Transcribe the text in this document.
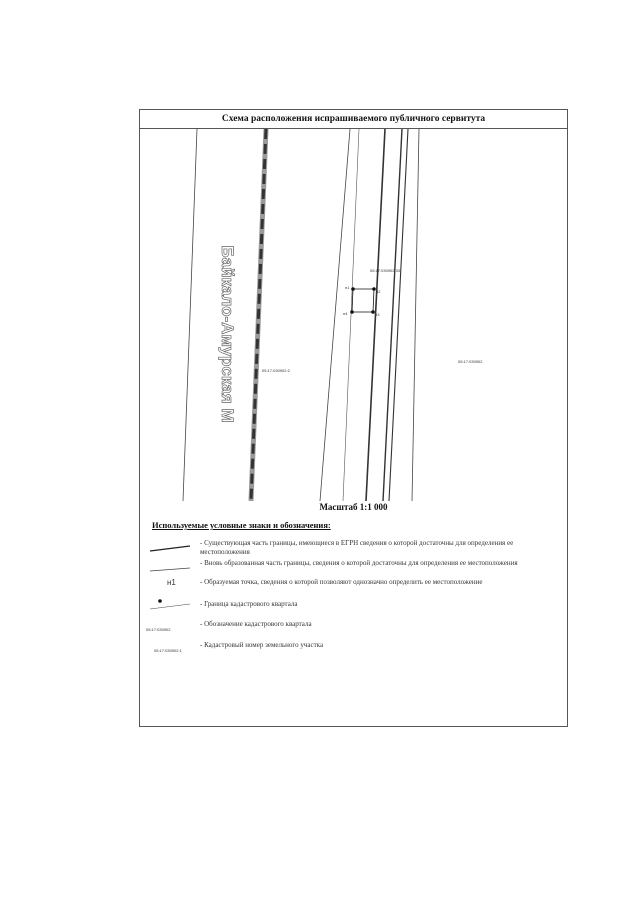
Схема расположения испрашиваемого публичного сервитута
Байкало-Амурская М	05:17:030902:2
05:17:030902:33
н1
н2
н3
н4
05:17:030902
Масштаб 1:1 000
Используемые условные знаки и обозначения:
- Существующая часть границы, имеющиеся в ЕГРН сведения о которой достаточны для определения ее местоположения
- Вновь образованная часть границы, сведения о которой достаточны для определения ее местоположения
н1	- Образуемая точка, сведения о которой позволяют однозначно определить ее местоположение
- Граница кадастрового квартала
05:17:030902
- Обозначение кадастрового квартала
05:17:030902:1
- Кадастровый номер земельного участка
